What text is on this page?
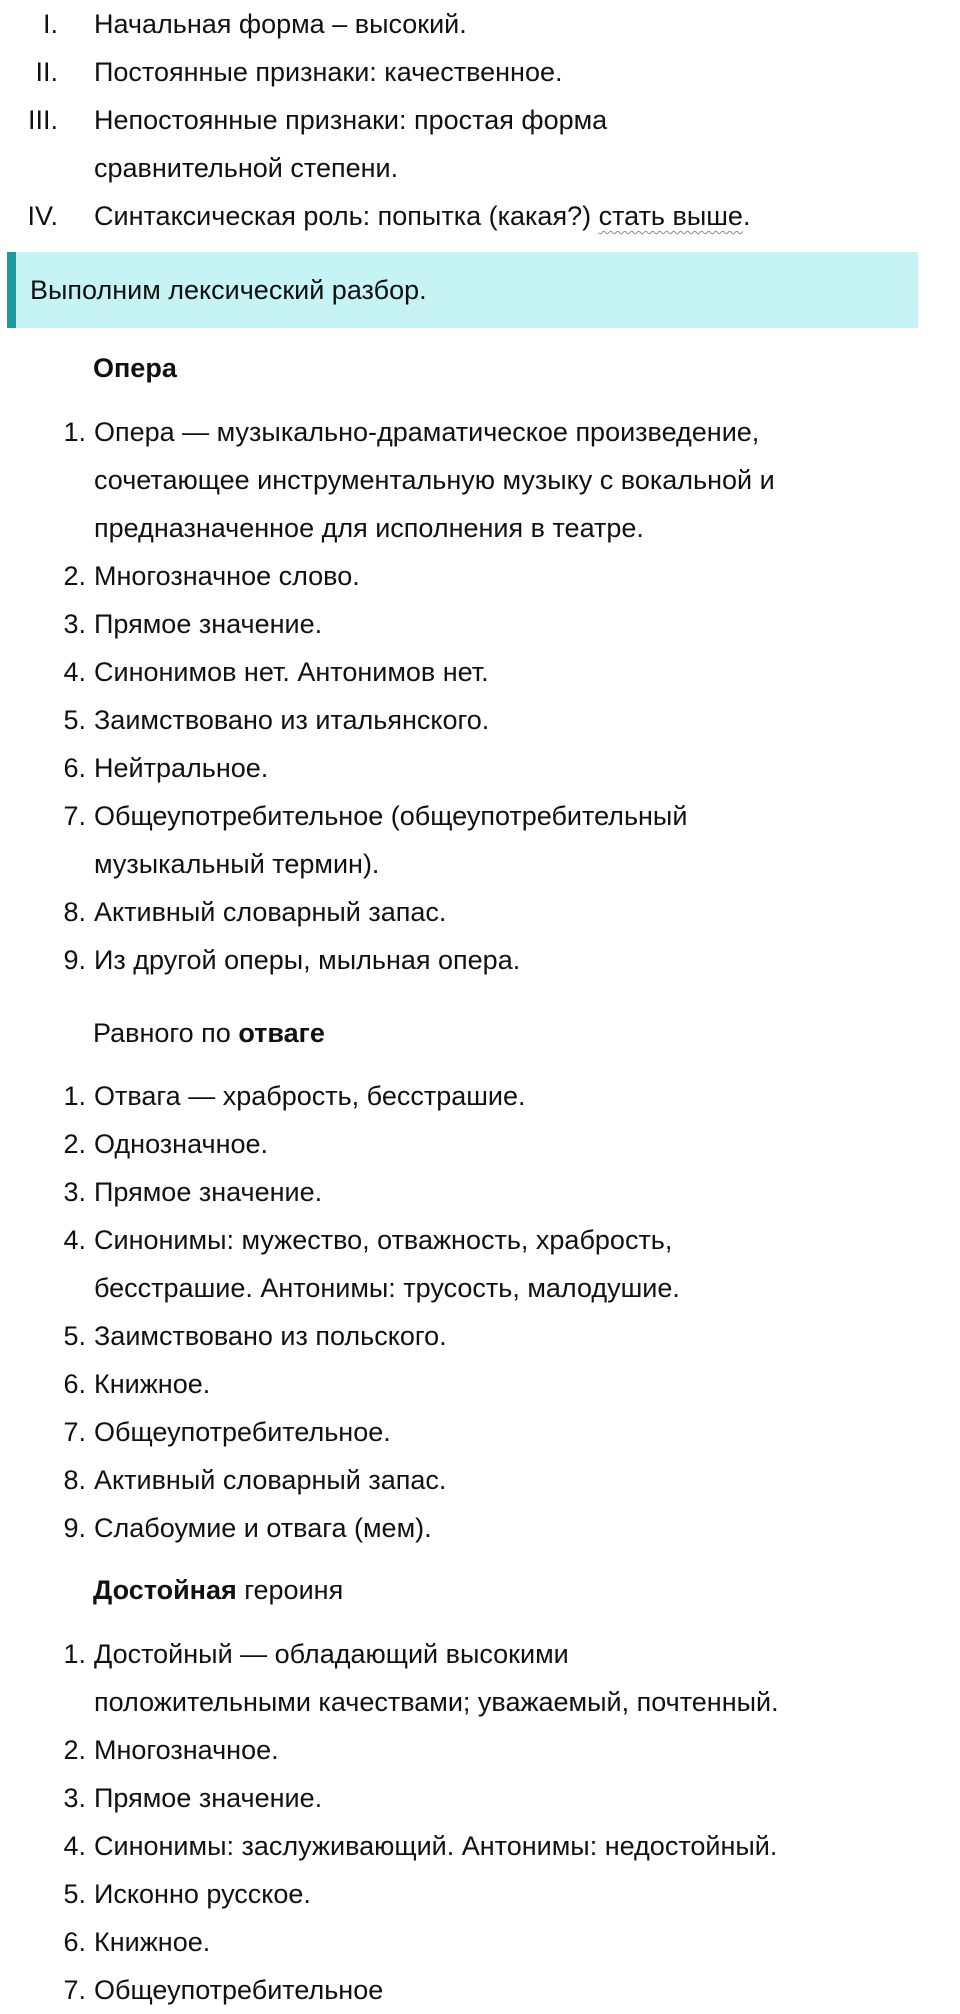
I. Начальная форма – высокий.
II. Постоянные признаки: качественное.
III. Непостоянные признаки: простая форма
сравнительной степени.
IV. Синтаксическая роль: попытка (какая?) стать выше.
Выполним лексический разбор.
Опера
1. Опера — музыкально-драматическое произведение,
сочетающее инструментальную музыку с вокальной и
предназначенное для исполнения в театре.
2. Многозначное слово.
3. Прямое значение.
4. Синонимов нет. Антонимов нет.
5. Заимствовано из итальянского.
6. Нейтральное.
7. Общеупотребительное (общеупотребительный
музыкальный термин).
8. Активный словарный запас.
9. Из другой оперы, мыльная опера.
Равного по отваге
1. Отвага — храбрость, бесстрашие.
2. Однозначное.
3. Прямое значение.
4. Синонимы: мужество, отважность, храбрость,
бесстрашие. Антонимы: трусость, малодушие.
5. Заимствовано из польского.
6. Книжное.
7. Общеупотребительное.
8. Активный словарный запас.
9. Слабоумие и отвага (мем).
Достойная героиня
1. Достойный — обладающий высокими
положительными качествами; уважаемый, почтенный.
2. Многозначное.
3. Прямое значение.
4. Синонимы: заслуживающий. Антонимы: недостойный.
5. Исконно русское.
6. Книжное.
7. Общеупотребительное
